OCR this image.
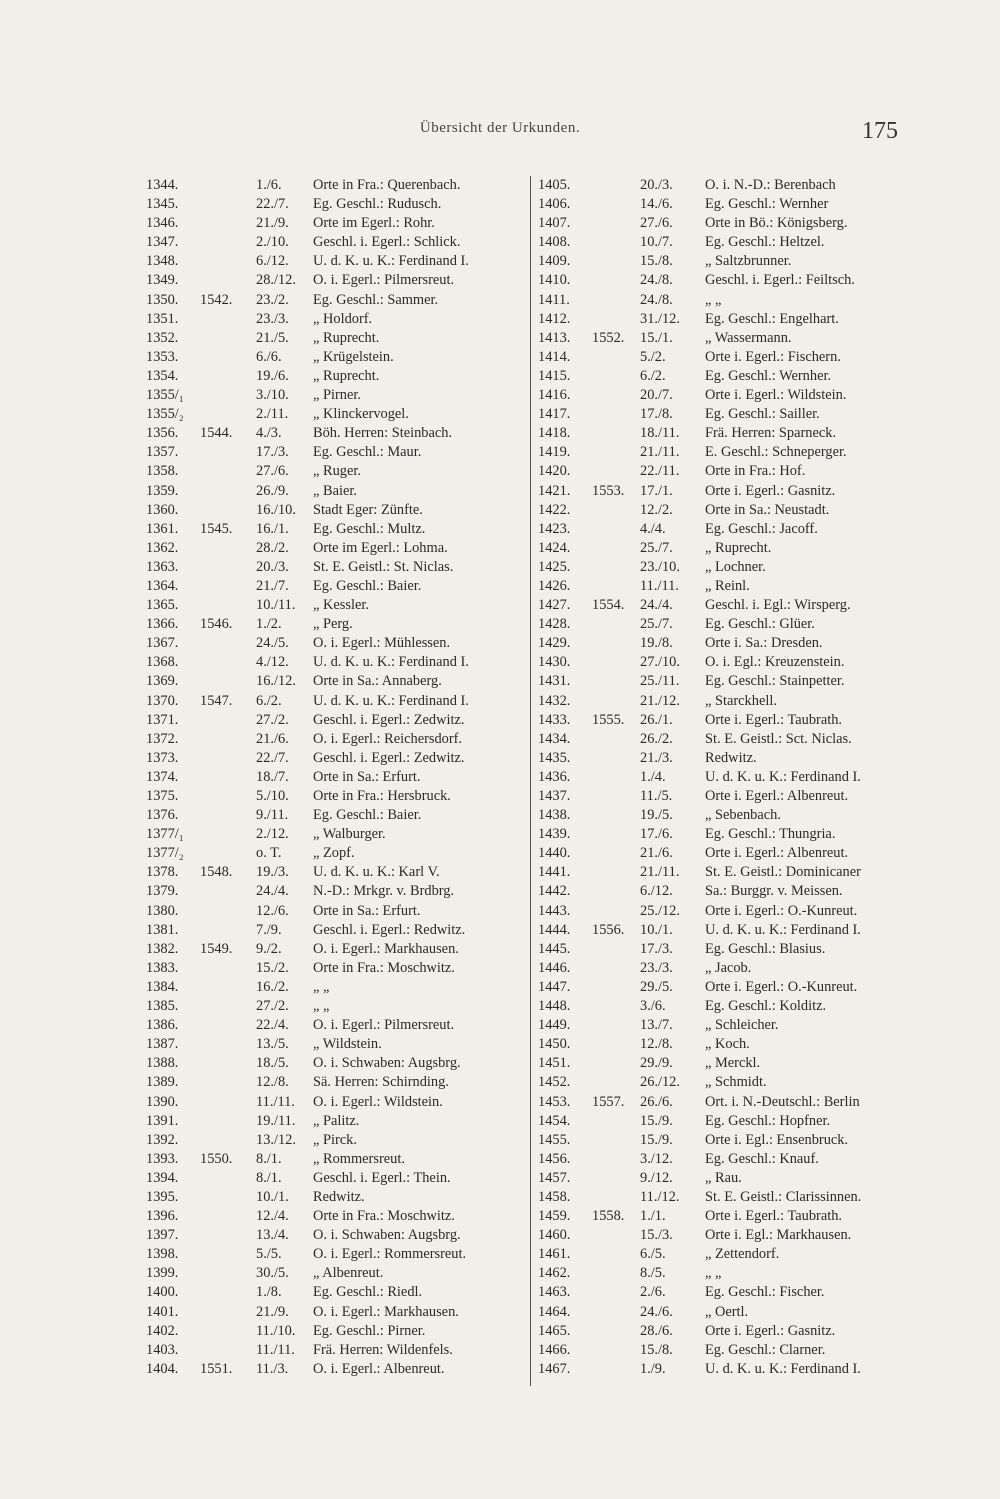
Übersicht der Urkunden.	175
1344.	1./6.	Orte in Fra.: Querenbach.
1345.	22./7.	Eg. Geschl.: Rudusch.
1346.	21./9.	Orte im Egerl.: Rohr.
1347.	2./10.	Geschl. i. Egerl.: Schlick.
1348.	6./12.	U. d. K. u. K.: Ferdinand I.
1349.	28./12.	O. i. Egerl.: Pilmersreut.
1350. 1542. 23./2.	Eg. Geschl.: Sammer.
1351.	23./3.	„ Holdorf.
1352.	21./5.	„ Ruprecht.
1353.	6./6.	„ Krügelstein.
1354.	19./6.	„ Ruprecht.
1355/₁	3./10.	„ Pirner.
1355/₂	2./11.	„ Klinckervogel.
1356. 1544. 4./3.	Böh. Herren: Steinbach.
1357.	17./3.	Eg. Geschl.: Maur.
1358.	27./6.	„ Ruger.
1359.	26./9.	„ Baier.
1360.	16./10.	Stadt Eger: Zünfte.
1361. 1545. 16./1.	Eg. Geschl.: Multz.
1362.	28./2.	Orte im Egerl.: Lohma.
1363.	20./3.	St. E. Geistl.: St. Niclas.
1364.	21./7.	Eg. Geschl.: Baier.
1365.	10./11.	„ Kessler.
1366. 1546. 1./2.	„ Perg.
1367.	24./5.	O. i. Egerl.: Mühlessen.
1368.	4./12.	U. d. K. u. K.: Ferdinand I.
1369.	16./12.	Orte in Sa.: Annaberg.
1370. 1547. 6./2.	U. d. K. u. K.: Ferdinand I.
1371.	27./2.	Geschl. i. Egerl.: Zedwitz.
1372.	21./6.	O. i. Egerl.: Reichersdorf.
1373.	22./7.	Geschl. i. Egerl.: Zedwitz.
1374.	18./7.	Orte in Sa.: Erfurt.
1375.	5./10.	Orte in Fra.: Hersbruck.
1376.	9./11.	Eg. Geschl.: Baier.
1377/₁	2./12.	„ Walburger.
1377/₂	o. T.	„ Zopf.
1378. 1548. 19./3.	U. d. K. u. K.: Karl V.
1379.	24./4.	N.-D.: Mrkgr. v. Brdbrg.
1380.	12./6.	Orte in Sa.: Erfurt.
1381.	7./9.	Geschl. i. Egerl.: Redwitz.
1382. 1549. 9./2.	O. i. Egerl.: Markhausen.
1383.	15./2.	Orte in Fra.: Moschwitz.
1384.	16./2.	„ „
1385.	27./2.	„ „
1386.	22./4.	O. i. Egerl.: Pilmersreut.
1387.	13./5.	„ Wildstein.
1388.	18./5.	O. i. Schwaben: Augsbrg.
1389.	12./8.	Sä. Herren: Schirnding.
1390.	11./11.	O. i. Egerl.: Wildstein.
1391.	19./11.	„ Palitz.
1392.	13./12.	„ Pirck.
1393. 1550. 8./1.	„ Rommersreut.
1394.	8./1.	Geschl. i. Egerl.: Thein.
1395.	10./1.	Redwitz.
1396.	12./4.	Orte in Fra.: Moschwitz.
1397.	13./4.	O. i. Schwaben: Augsbrg.
1398.	5./5.	O. i. Egerl.: Rommersreut.
1399.	30./5.	„ Albenreut.
1400.	1./8.	Eg. Geschl.: Riedl.
1401.	21./9.	O. i. Egerl.: Markhausen.
1402.	11./10.	Eg. Geschl.: Pirner.
1403.	11./11.	Frä. Herren: Wildenfels.
1404. 1551. 11./3.	O. i. Egerl.: Albenreut.
1405.	20./3.	O. i. N.-D.: Berenbach
1406.	14./6.	Eg. Geschl.: Wernher
1407.	27./6.	Orte in Bö.: Königsberg.
1408.	10./7.	Eg. Geschl.: Heltzel.
1409.	15./8.	„ Saltzbrunner.
1410.	24./8.	Geschl. i. Egerl.: Feiltsch.
1411.	24./8.	„ „
1412.	31./12.	Eg. Geschl.: Engelhart.
1413. 1552. 15./1.	„ Wassermann.
1414.	5./2.	Orte i. Egerl.: Fischern.
1415.	6./2.	Eg. Geschl.: Wernher.
1416.	20./7.	Orte i. Egerl.: Wildstein.
1417.	17./8.	Eg. Geschl.: Sailler.
1418.	18./11.	Frä. Herren: Sparneck.
1419.	21./11.	E. Geschl.: Schneperger.
1420.	22./11.	Orte in Fra.: Hof.
1421. 1553. 17./1.	Orte i. Egerl.: Gasnitz.
1422.	12./2.	Orte in Sa.: Neustadt.
1423.	4./4.	Eg. Geschl.: Jacoff.
1424.	25./7.	„ Ruprecht.
1425.	23./10.	„ Lochner.
1426.	11./11.	„ Reinl.
1427. 1554. 24./4.	Geschl. i. Egl.: Wirsperg.
1428.	25./7.	Eg. Geschl.: Glüer.
1429.	19./8.	Orte i. Sa.: Dresden.
1430.	27./10.	O. i. Egl.: Kreuzenstein.
1431.	25./11.	Eg. Geschl.: Stainpetter.
1432.	21./12.	„ Starckhell.
1433. 1555. 26./1.	Orte i. Egerl.: Taubrath.
1434.	26./2.	St. E. Geistl.: Sct. Niclas.
1435.	21./3.	Redwitz.
1436.	1./4.	U. d. K. u. K.: Ferdinand I.
1437.	11./5.	Orte i. Egerl.: Albenreut.
1438.	19./5.	„ Sebenbach.
1439.	17./6.	Eg. Geschl.: Thungria.
1440.	21./6.	Orte i. Egerl.: Albenreut.
1441.	21./11.	St. E. Geistl.: Dominicaner
1442.	6./12.	Sa.: Burggr. v. Meissen.
1443.	25./12.	Orte i. Egerl.: O.-Kunreut.
1444. 1556. 10./1.	U. d. K. u. K.: Ferdinand I.
1445.	17./3.	Eg. Geschl.: Blasius.
1446.	23./3.	„ Jacob.
1447.	29./5.	Orte i. Egerl.: O.-Kunreut.
1448.	3./6.	Eg. Geschl.: Kolditz.
1449.	13./7.	„ Schleicher.
1450.	12./8.	„ Koch.
1451.	29./9.	„ Merckl.
1452.	26./12.	„ Schmidt.
1453. 1557. 26./6.	Ort. i. N.-Deutschl.: Berlin
1454.	15./9.	Eg. Geschl.: Hopfner.
1455.	15./9.	Orte i. Egl.: Ensenbruck.
1456.	3./12.	Eg. Geschl.: Knauf.
1457.	9./12.	„ Rau.
1458.	11./12.	St. E. Geistl.: Clarissinnen.
1459. 1558. 1./1.	Orte i. Egerl.: Taubrath.
1460.	15./3.	Orte i. Egl.: Markhausen.
1461.	6./5.	„ Zettendorf.
1462.	8./5.	„ „
1463.	2./6.	Eg. Geschl.: Fischer.
1464.	24./6.	„ Oertl.
1465.	28./6.	Orte i. Egerl.: Gasnitz.
1466.	15./8.	Eg. Geschl.: Clarner.
1467.	1./9.	U. d. K. u. K.: Ferdinand I.
